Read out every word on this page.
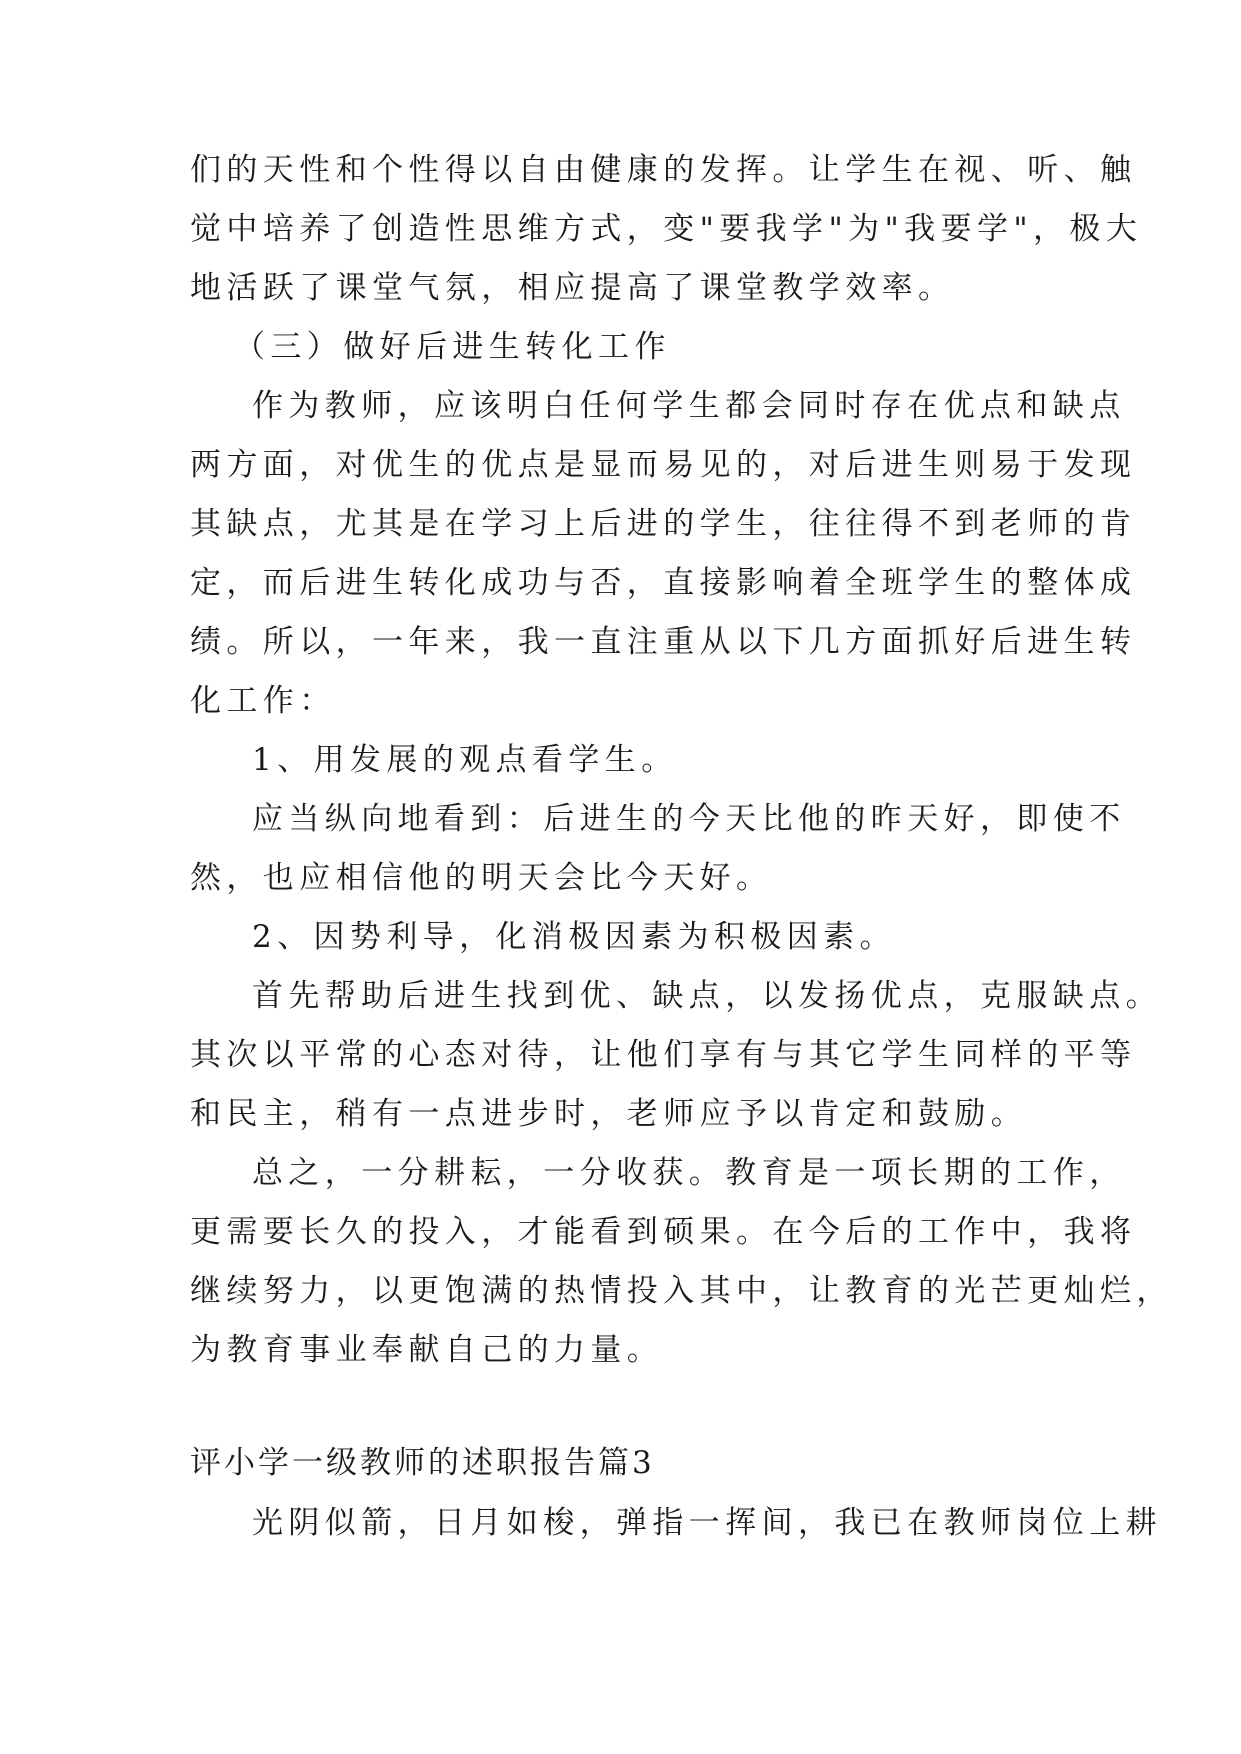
们的天性和个性得以自由健康的发挥。让学生在视、听、触
觉中培养了创造性思维方式，变"要我学"为"我要学"，极大
地活跃了课堂气氛，相应提高了课堂教学效率。
（三）做好后进生转化工作
作为教师，应该明白任何学生都会同时存在优点和缺点
两方面，对优生的优点是显而易见的，对后进生则易于发现
其缺点，尤其是在学习上后进的学生，往往得不到老师的肯
定，而后进生转化成功与否，直接影响着全班学生的整体成
绩。所以，一年来，我一直注重从以下几方面抓好后进生转
化工作：
1、用发展的观点看学生。
应当纵向地看到：后进生的今天比他的昨天好，即使不
然，也应相信他的明天会比今天好。
2、因势利导，化消极因素为积极因素。
首先帮助后进生找到优、缺点，以发扬优点，克服缺点。
其次以平常的心态对待，让他们享有与其它学生同样的平等
和民主，稍有一点进步时，老师应予以肯定和鼓励。
总之，一分耕耘，一分收获。教育是一项长期的工作，
更需要长久的投入，才能看到硕果。在今后的工作中，我将
继续努力，以更饱满的热情投入其中，让教育的光芒更灿烂，
为教育事业奉献自己的力量。
评小学一级教师的述职报告篇3
光阴似箭，日月如梭，弹指一挥间，我已在教师岗位上耕
